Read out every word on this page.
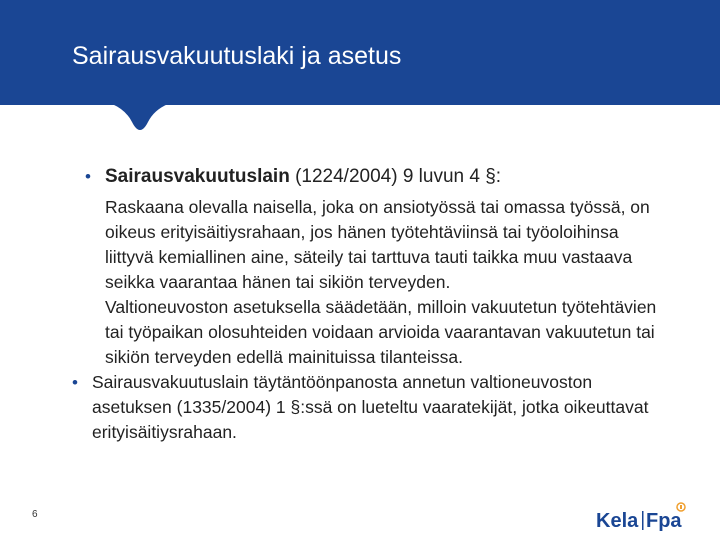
Sairausvakuutuslaki ja asetus
• Sairausvakuutuslain (1224/2004) 9 luvun 4 §:

Raskaana olevalla naisella, joka on ansiotyössä tai omassa työssä, on oikeus erityisäitiysrahaan, jos hänen työtehtäviinsä tai työoloihinsa liittyvä kemiallinen aine, säteily tai tarttuva tauti taikka muu vastaava seikka vaarantaa hänen tai sikiön terveyden.

Valtioneuvoston asetuksella säädetään, milloin vakuutetun työtehtävien tai työpaikan olosuhteiden voidaan arvioida vaarantavan vakuutetun tai sikiön terveyden edellä mainituissa tilanteissa.

• Sairausvakuutuslain täytäntöönpanosta annetun valtioneuvoston asetuksen (1335/2004) 1 §:ssä on lueteltu vaaratekijät, jotka oikeuttavat erityisäitiysrahaan.
6	Kela Fpa
